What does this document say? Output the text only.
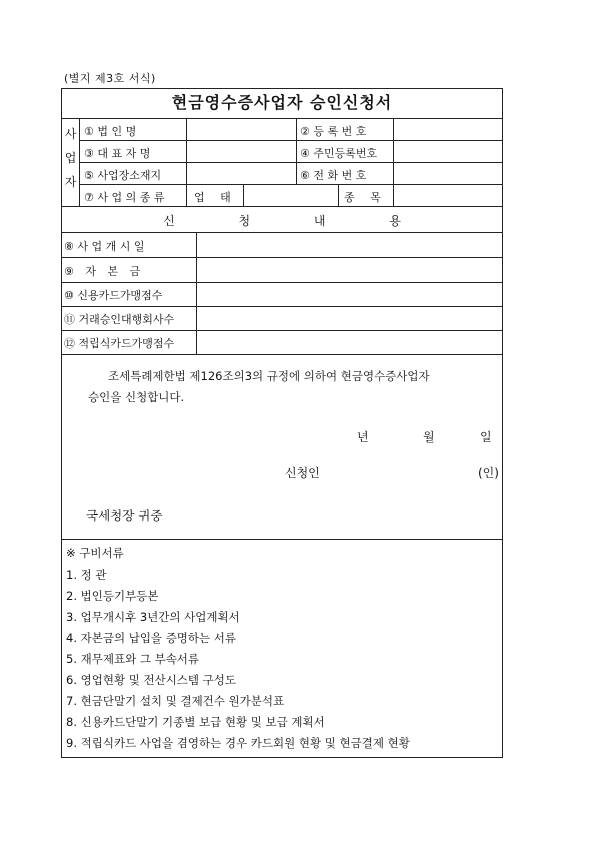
(별지 제3호 서식)
현금영수증사업자 승인신청서
사
업
자
① 법 인 명	② 등 록 번 호
③ 대 표 자 명	④ 주민등록번호
⑤ 사업장소재지	⑥ 전 화 번 호
⑦ 사 업 의 종 류	업 태	종 목
신 청 내 용
⑧ 사 업 개 시 일
⑨ 자 본 금
⑩ 신용카드가맹점수
⑪ 거래승인대행회사수
⑫ 적립식카드가맹점수
조세특례제한법 제126조의3의 규정에 의하여 현금영수증사업자
승인을 신청합니다.
년	월	일
신청인	(인)
국세청장 귀중
※ 구비서류
1. 정 관
2. 법인등기부등본
3. 업무개시후 3년간의 사업계획서
4. 자본금의 납입을 증명하는 서류
5. 재무제표와 그 부속서류
6. 영업현황 및 전산시스템 구성도
7. 현금단말기 설치 및 결제건수 원가분석표
8. 신용카드단말기 기종별 보급 현황 및 보급 계획서
9. 적립식카드 사업을 겸영하는 경우 카드회원 현황 및 현금결제 현황
